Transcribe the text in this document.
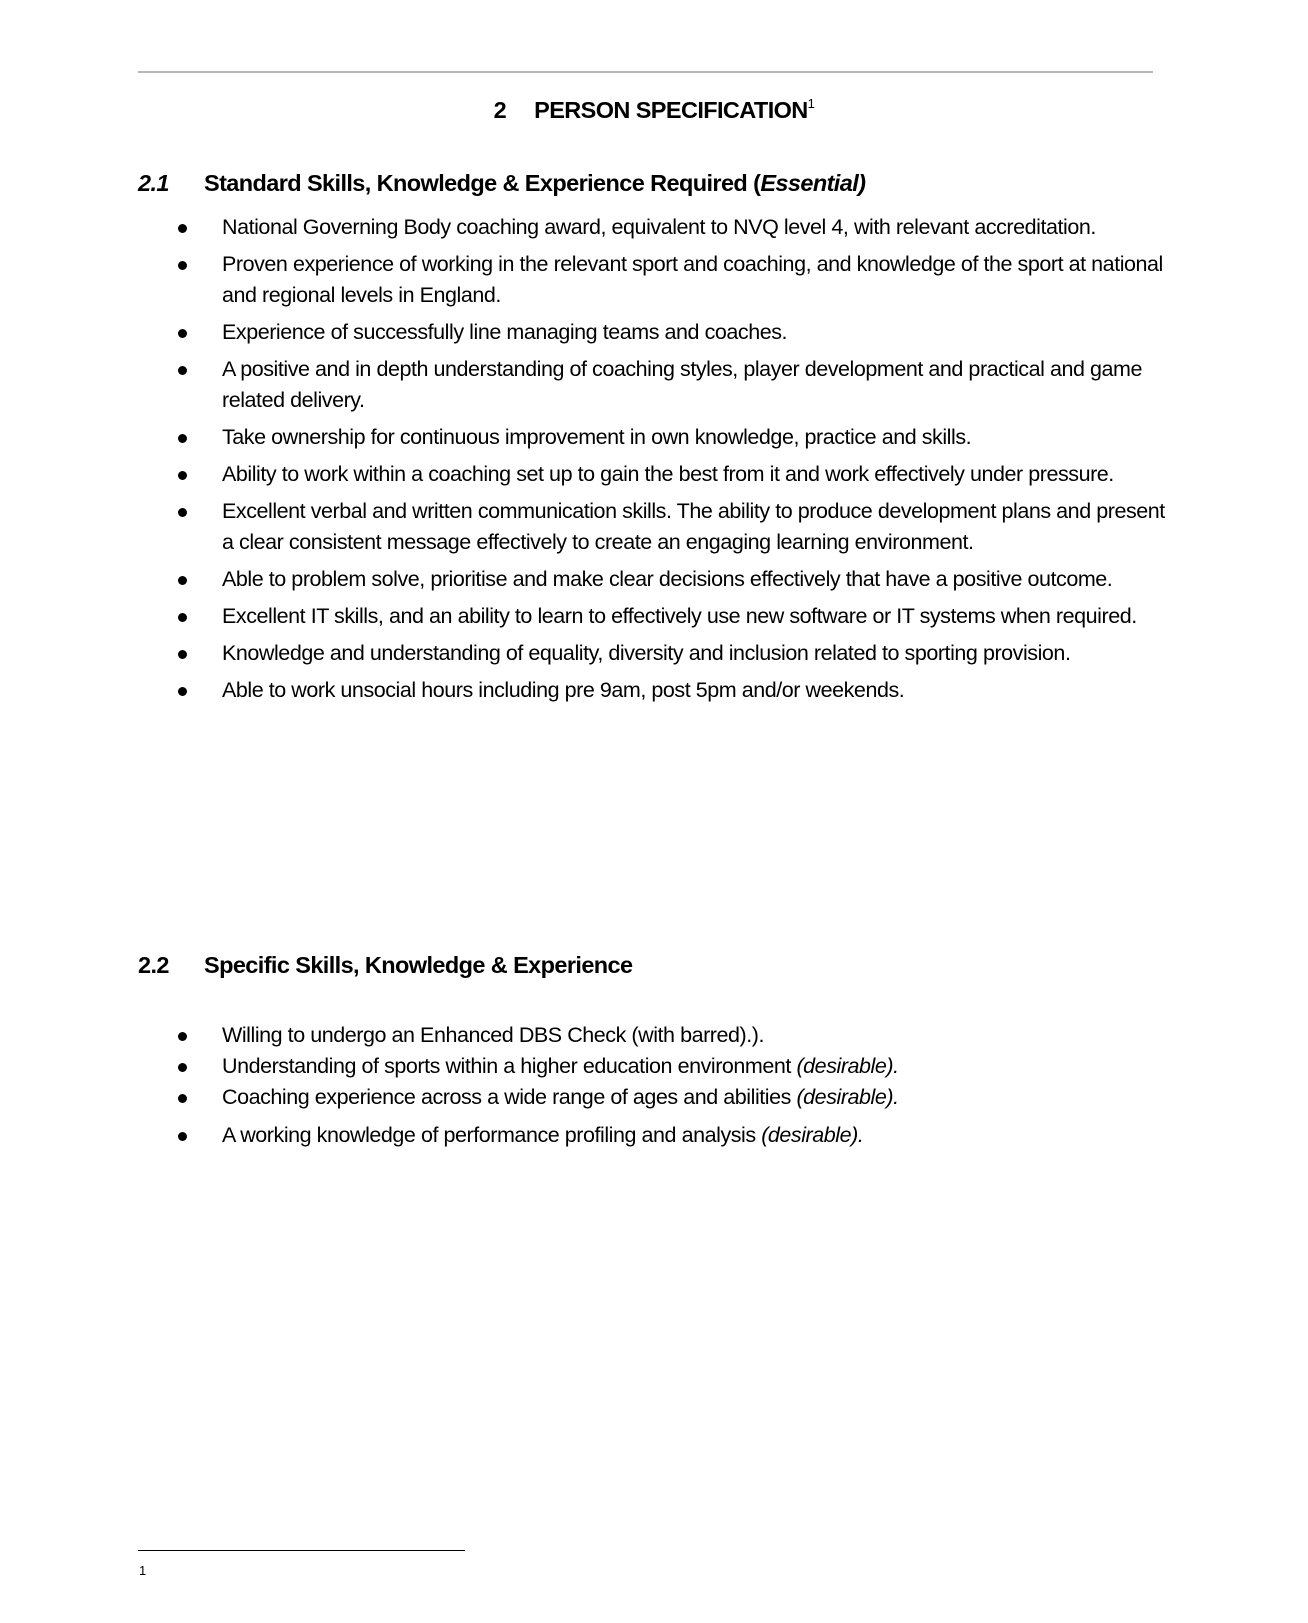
2 PERSON SPECIFICATION$^1$
2.1 Standard Skills, Knowledge & Experience Required (Essential)
National Governing Body coaching award, equivalent to NVQ level 4, with relevant accreditation.
Proven experience of working in the relevant sport and coaching, and knowledge of the sport at national and regional levels in England.
Experience of successfully line managing teams and coaches.
A positive and in depth understanding of coaching styles, player development and practical and game related delivery.
Take ownership for continuous improvement in own knowledge, practice and skills.
Ability to work within a coaching set up to gain the best from it and work effectively under pressure.
Excellent verbal and written communication skills. The ability to produce development plans and present a clear consistent message effectively to create an engaging learning environment.
Able to problem solve, prioritise and make clear decisions effectively that have a positive outcome.
Excellent IT skills, and an ability to learn to effectively use new software or IT systems when required.
Knowledge and understanding of equality, diversity and inclusion related to sporting provision.
Able to work unsocial hours including pre 9am, post 5pm and/or weekends.
2.2 Specific Skills, Knowledge & Experience
Willing to undergo an Enhanced DBS Check (with barred).).
Understanding of sports within a higher education environment (desirable).
Coaching experience across a wide range of ages and abilities (desirable).
A working knowledge of performance profiling and analysis (desirable).
1
